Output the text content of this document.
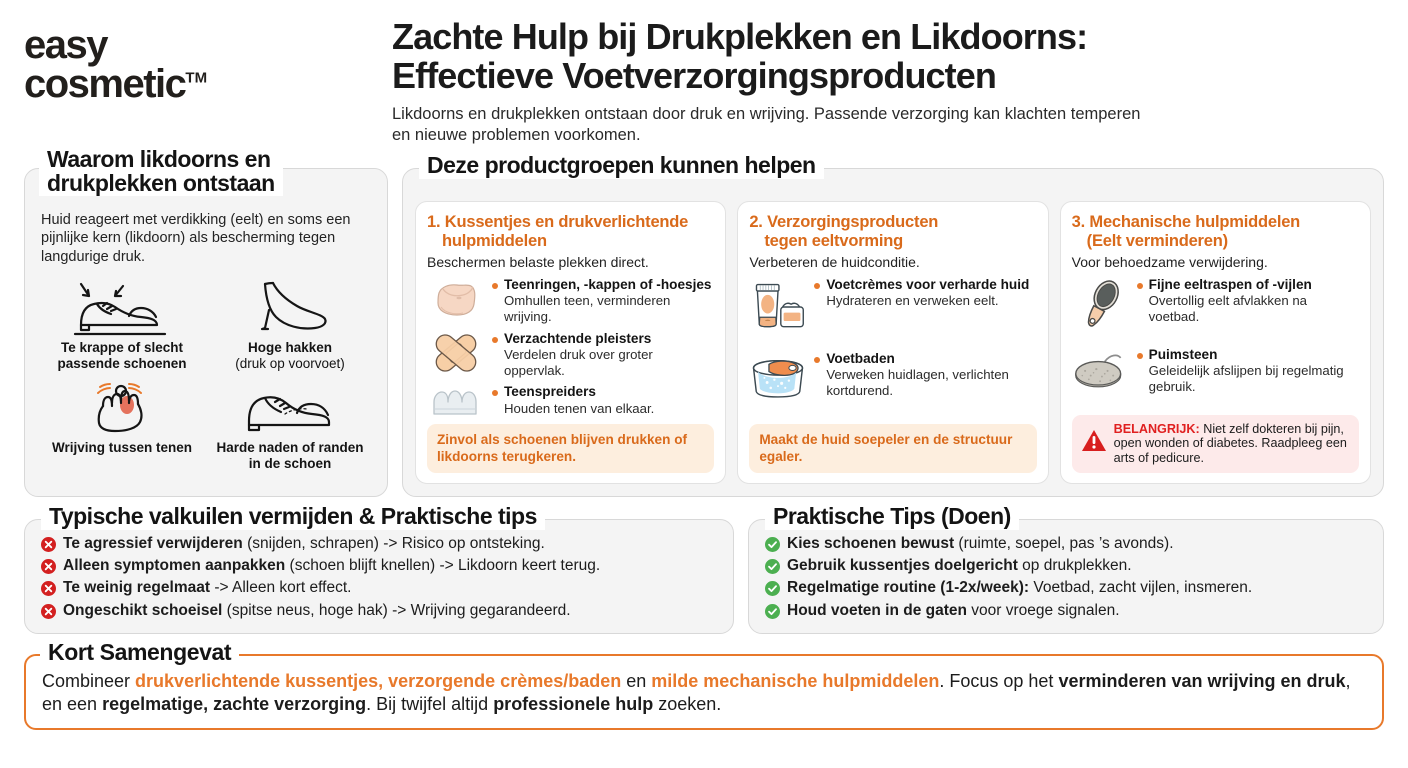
easy
cosmetic™
Zachte Hulp bij Drukplekken en Likdoorns:
Effectieve Voetverzorgingsproducten
Likdoorns en drukplekken ontstaan door druk en wrijving. Passende verzorging kan klachten temperen en nieuwe problemen voorkomen.
Waarom likdoorns en
drukplekken ontstaan
Huid reageert met verdikking (eelt) en soms een pijnlijke kern (likdoorn) als bescherming tegen langdurige druk.
Te krappe of slecht passende schoenen
Hoge hakken
(druk op voorvoet)
Wrijving tussen tenen	Harde naden of randen in de schoen
Deze productgroepen kunnen helpen
1. Kussentjes en drukverlichtende
hulpmiddelen
Beschermen belaste plekken direct.
Teenringen, -kappen of -hoesjes
Omhullen teen, verminderen wrijving.
Verzachtende pleisters
Verdelen druk over groter oppervlak.
Teenspreiders
Houden tenen van elkaar.
Zinvol als schoenen blijven drukken of likdoorns terugkeren.
2. Verzorgingsproducten
tegen eeltvorming
Verbeteren de huidconditie.
Voetcrèmes voor verharde huid
Hydrateren en verweken eelt.
Voetbaden
Verweken huidlagen, verlichten kortdurend.
Maakt de huid soepeler en de structuur egaler.
3. Mechanische hulpmiddelen
(Eelt verminderen)
Voor behoedzame verwijdering.
Fijne eeltraspen of -vijlen
Overtollig eelt afvlakken na voetbad.
Puimsteen
Geleidelijk afslijpen bij regelmatig gebruik.
BELANGRIJK: Niet zelf dokteren bij pijn, open wonden of diabetes. Raadpleeg een arts of pedicure.
Typische valkuilen vermijden & Praktische tips
Te agressief verwijderen (snijden, schrapen) -> Risico op ontsteking.
Alleen symptomen aanpakken (schoen blijft knellen) -> Likdoorn keert terug.
Te weinig regelmaat -> Alleen kort effect.
Ongeschikt schoeisel (spitse neus, hoge hak) -> Wrijving gegarandeerd.
Praktische Tips (Doen)
Kies schoenen bewust (ruimte, soepel, pas ’s avonds).
Gebruik kussentjes doelgericht op drukplekken.
Regelmatige routine (1-2x/week): Voetbad, zacht vijlen, insmeren.
Houd voeten in de gaten voor vroege signalen.
Kort Samengevat
Combineer drukverlichtende kussentjes, verzorgende crèmes/baden en milde mechanische hulpmiddelen. Focus op het verminderen van wrijving en druk, en een regelmatige, zachte verzorging. Bij twijfel altijd professionele hulp zoeken.
